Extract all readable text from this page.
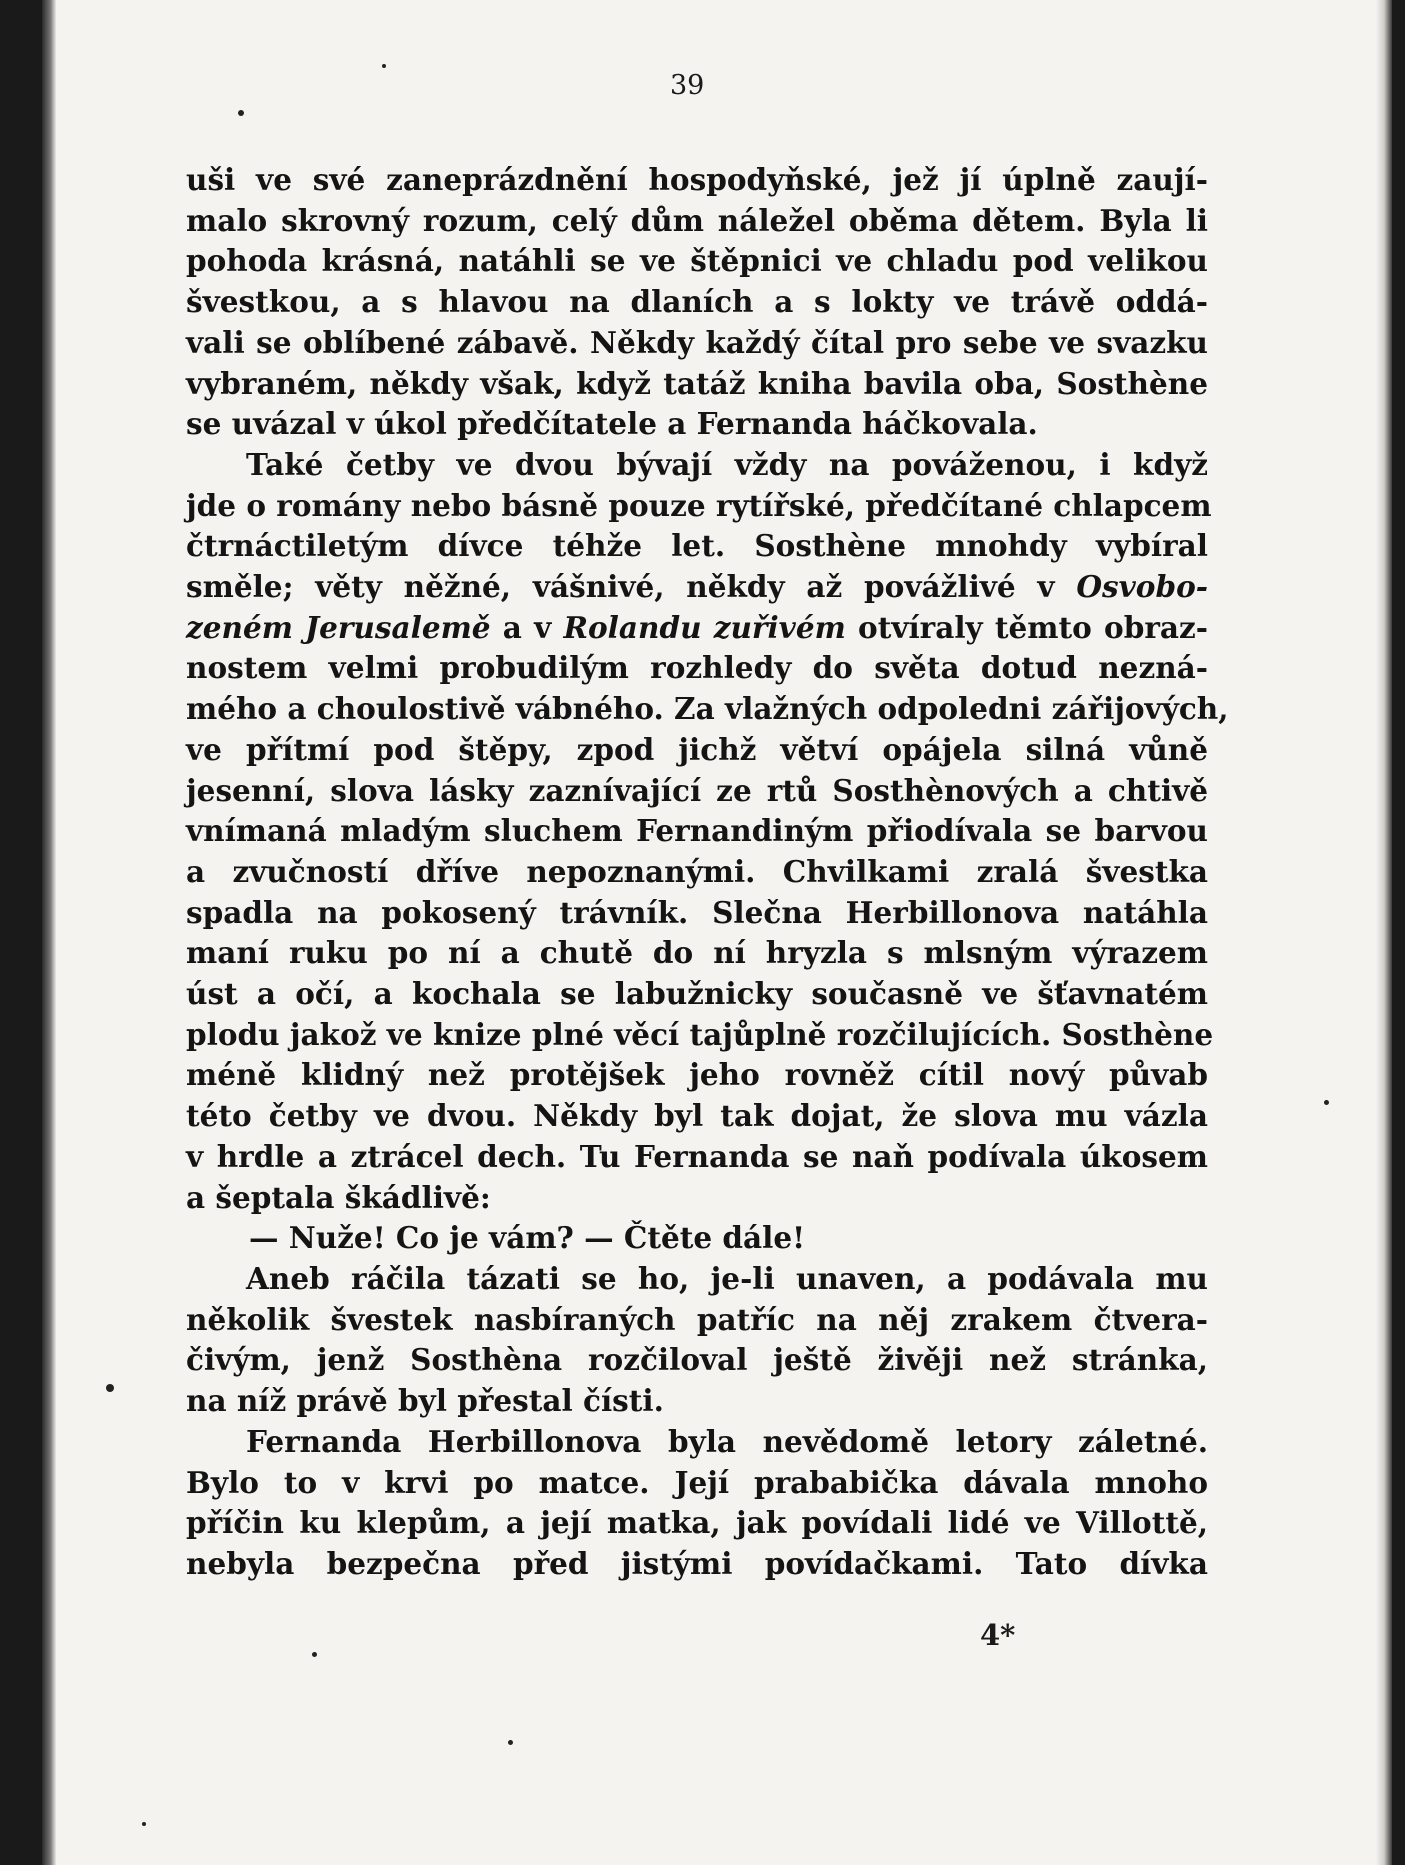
39
uši ve své zaneprázdnění hospodyňské, jež jí úplně zaují-
malo skrovný rozum, celý dům náležel oběma dětem. Byla li
pohoda krásná, natáhli se ve štěpnici ve chladu pod velikou
švestkou, a s hlavou na dlaních a s lokty ve trávě oddá-
vali se oblíbené zábavě. Někdy každý čítal pro sebe ve svazku
vybraném, někdy však, když tatáž kniha bavila oba, Sosthène
se uvázal v úkol předčítatele a Fernanda háčkovala.
Také četby ve dvou bývají vždy na pováženou, i když
jde o romány nebo básně pouze rytířské, předčítané chlapcem
čtrnáctiletým dívce téhže let. Sosthène mnohdy vybíral
směle; věty něžné, vášnivé, někdy až povážlivé v Osvobo-
zeném Jerusalemě a v Rolandu zuřivém otvíraly těmto obraz-
nostem velmi probudilým rozhledy do světa dotud nezná-
mého a choulostivě vábného. Za vlažných odpoledni zářijových,
ve přítmí pod štěpy, zpod jichž větví opájela silná vůně
jesenní, slova lásky zaznívající ze rtů Sosthènových a chtivě
vnímaná mladým sluchem Fernandiným přiodívala se barvou
a zvučností dříve nepoznanými. Chvilkami zralá švestka
spadla na pokosený trávník. Slečna Herbillonova natáhla
maní ruku po ní a chutě do ní hryzla s mlsným výrazem
úst a očí, a kochala se labužnicky současně ve šťavnatém
plodu jakož ve knize plné věcí tajůplně rozčilujících. Sosthène
méně klidný než protějšek jeho rovněž cítil nový půvab
této četby ve dvou. Někdy byl tak dojat, že slova mu vázla
v hrdle a ztrácel dech. Tu Fernanda se naň podívala úkosem
a šeptala škádlivě:
— Nuže! Co je vám? — Čtěte dále!
Aneb ráčila tázati se ho, je-li unaven, a podávala mu
několik švestek nasbíraných patříc na něj zrakem čtvera-
čivým, jenž Sosthèna rozčiloval ještě živěji než stránka,
na níž právě byl přestal čísti.
Fernanda Herbillonova byla nevědomě letory záletné.
Bylo to v krvi po matce. Její prababička dávala mnoho
příčin ku klepům, a její matka, jak povídali lidé ve Villottě,
nebyla bezpečna před jistými povídačkami. Tato dívka
4*
